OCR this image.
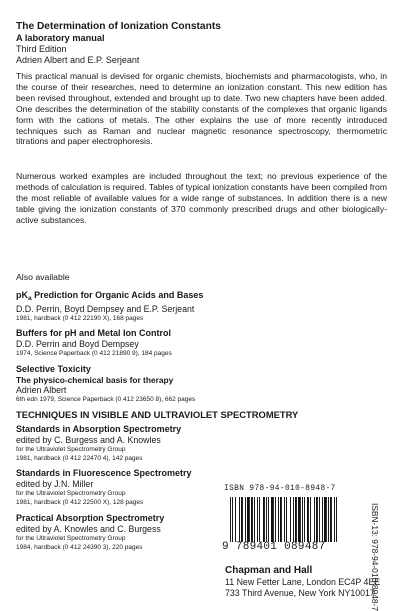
The Determination of Ionization Constants
A laboratory manual
Third Edition
Adrien Albert and E.P. Serjeant

This practical manual is devised for organic chemists, biochemists and pharmacologists, who, in the course of their researches, need to determine an ionization constant. This new edition has been revised throughout, extended and brought up to date. Two new chapters have been added. One describes the determination of the stability constants of the complexes that organic ligands form with the cations of metals. The other explains the use of more recently introduced techniques such as Raman and nuclear magnetic resonance spectroscopy, thermometric titrations and paper electrophoresis.

Numerous worked examples are included throughout the text; no previous experience of the methods of calculation is required. Tables of typical ionization constants have been compiled from the most reliable of available values for a wide range of substances. In addition there is a new table giving the ionization constants of 370 commonly prescribed drugs and other biologically-active substances.

Also available
$pK_a$ Prediction for Organic Acids and Bases
D.D. Perrin, Boyd Dempsey and E.P. Serjeant
1981, hardback (0 412 22190 X), 168 pages
Buffers for pH and Metal Ion Control
D.D. Perrin and Boyd Dempsey
1974, Science Paperback (0 412 21890 9), 184 pages
Selective Toxicity
The physico-chemical basis for therapy
Adrien Albert
6th edn 1979, Science Paperback (0 412 23650 8), 662 pages
TECHNIQUES IN VISIBLE AND ULTRAVIOLET SPECTROMETRY
Standards in Absorption Spectrometry
edited by C. Burgess and A. Knowles
for the Ultraviolet Spectrometry Group
1981, hardback (0 412 22470 4), 142 pages
Standards in Fluorescence Spectrometry
edited by J.N. Miller
for the Ultraviolet Spectrometry Group
1981, hardback (0 412 22500 X), 128 pages
Practical Absorption Spectrometry
edited by A. Knowles and C. Burgess
for the Ultraviolet Spectrometry Group
1984, hardback (0 412 24390 3), 220 pages
ISBN 978-94-010-8948-7
9 789401 089487
Chapman and Hall
11 New Fetter Lane, London EC4P 4EE
733 Third Avenue, New York NY10017
ISBN-13: 978-94-010-8948-7
